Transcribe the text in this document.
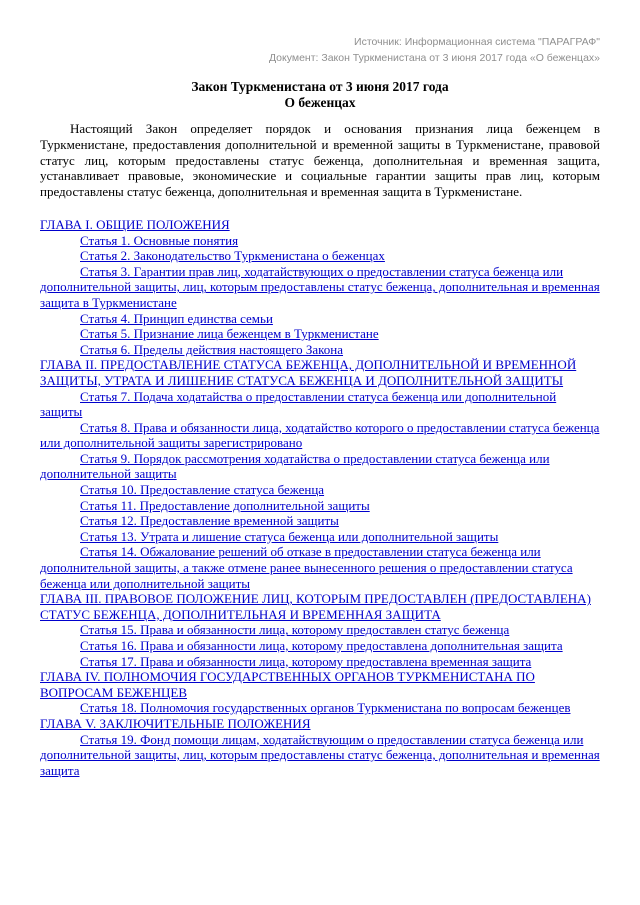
Источник: Информационная система "ПАРАГРАФ"
Документ: Закон Туркменистана от 3 июня 2017 года «О беженцах»
Закон Туркменистана от 3 июня 2017 года
О беженцах

Настоящий Закон определяет порядок и основания признания лица беженцем в Туркменистане, предоставления дополнительной и временной защиты в Туркменистане, правовой статус лиц, которым предоставлены статус беженца, дополнительная и временная защита, устанавливает правовые, экономические и социальные гарантии защиты прав лиц, которым предоставлены статус беженца, дополнительная и временная защита в Туркменистане.

ГЛАВА I. ОБЩИЕ ПОЛОЖЕНИЯ

Статья 1. Основные понятия

Статья 2. Законодательство Туркменистана о беженцах

Статья 3. Гарантии прав лиц, ходатайствующих о предоставлении статуса беженца или дополнительной защиты, лиц, которым предоставлены статус беженца, дополнительная и временная защита в Туркменистане

Статья 4. Принцип единства семьи

Статья 5. Признание лица беженцем в Туркменистане

Статья 6. Пределы действия настоящего Закона

ГЛАВА II. ПРЕДОСТАВЛЕНИЕ СТАТУСА БЕЖЕНЦА, ДОПОЛНИТЕЛЬНОЙ И ВРЕМЕННОЙ ЗАЩИТЫ, УТРАТА И ЛИШЕНИЕ СТАТУСА БЕЖЕНЦА И ДОПОЛНИТЕЛЬНОЙ ЗАЩИТЫ

Статья 7. Подача ходатайства о предоставлении статуса беженца или дополнительной защиты

Статья 8. Права и обязанности лица, ходатайство которого о предоставлении статуса беженца или дополнительной защиты зарегистрировано

Статья 9. Порядок рассмотрения ходатайства о предоставлении статуса беженца или дополнительной защиты

Статья 10. Предоставление статуса беженца

Статья 11. Предоставление дополнительной защиты

Статья 12. Предоставление временной защиты

Статья 13. Утрата и лишение статуса беженца или дополнительной защиты

Статья 14. Обжалование решений об отказе в предоставлении статуса беженца или дополнительной защиты, а также отмене ранее вынесенного решения о предоставлении статуса беженца или дополнительной защиты

ГЛАВА III. ПРАВОВОЕ ПОЛОЖЕНИЕ ЛИЦ, КОТОРЫМ ПРЕДОСТАВЛЕН (ПРЕДОСТАВЛЕНА) СТАТУС БЕЖЕНЦА, ДОПОЛНИТЕЛЬНАЯ И ВРЕМЕННАЯ ЗАЩИТА

Статья 15. Права и обязанности лица, которому предоставлен статус беженца

Статья 16. Права и обязанности лица, которому предоставлена дополнительная защита

Статья 17. Права и обязанности лица, которому предоставлена временная защита

ГЛАВА IV. ПОЛНОМОЧИЯ ГОСУДАРСТВЕННЫХ ОРГАНОВ ТУРКМЕНИСТАНА ПО ВОПРОСАМ БЕЖЕНЦЕВ

Статья 18. Полномочия государственных органов Туркменистана по вопросам беженцев

ГЛАВА V. ЗАКЛЮЧИТЕЛЬНЫЕ ПОЛОЖЕНИЯ

Статья 19. Фонд помощи лицам, ходатайствующим о предоставлении статуса беженца или дополнительной защиты, лиц, которым предоставлены статус беженца, дополнительная и временная защита
